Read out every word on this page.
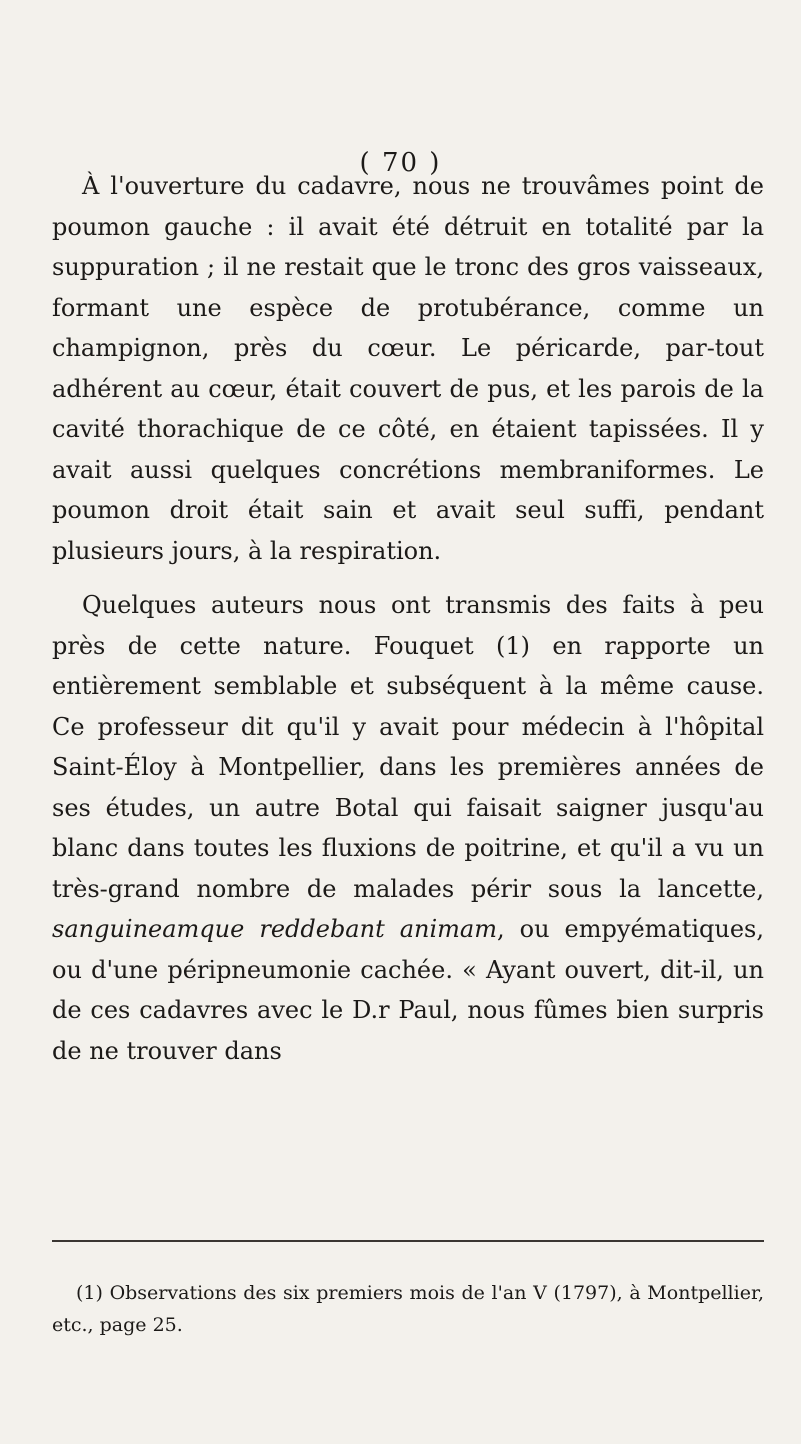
( 70 )

À l'ouverture du cadavre, nous ne trouvâmes point de poumon gauche : il avait été détruit en totalité par la suppuration ; il ne restait que le tronc des gros vaisseaux, formant une espèce de protubérance, comme un champignon, près du cœur. Le péricarde, par-tout adhérent au cœur, était couvert de pus, et les parois de la cavité thorachique de ce côté, en étaient tapissées. Il y avait aussi quelques concrétions membraniformes. Le poumon droit était sain et avait seul suffi, pendant plusieurs jours, à la respiration.

Quelques auteurs nous ont transmis des faits à peu près de cette nature. Fouquet (1) en rapporte un entièrement semblable et subséquent à la même cause. Ce professeur dit qu'il y avait pour médecin à l'hôpital Saint-Éloy à Montpellier, dans les premières années de ses études, un autre Botal qui faisait saigner jusqu'au blanc dans toutes les fluxions de poitrine, et qu'il a vu un très-grand nombre de malades périr sous la lancette, sanguineamque reddebant animam, ou empyématiques, ou d'une péripneumonie cachée. « Ayant ouvert, dit-il, un de ces cadavres avec le D.r Paul, nous fûmes bien surpris de ne trouver dans

(1) Observations des six premiers mois de l'an V (1797), à Montpellier, etc., page 25.
